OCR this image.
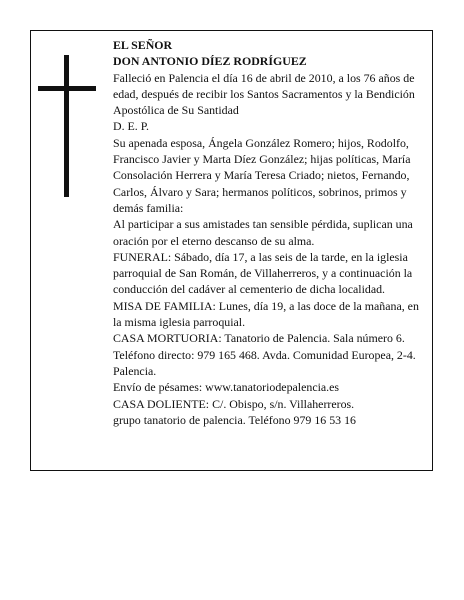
EL SEÑOR

DON ANTONIO DÍEZ RODRÍGUEZ

Falleció en Palencia el día 16 de abril de 2010, a los 76 años de edad, después de recibir los Santos Sacramentos y la Bendición Apostólica de Su Santidad

D. E. P.

Su apenada esposa, Ángela González Romero; hijos, Rodolfo, Francisco Javier y Marta Díez González; hijas políticas, María Consolación Herrera y María Teresa Criado; nietos, Fernando, Carlos, Álvaro y Sara; hermanos políticos, sobrinos, primos y demás familia:

Al participar a sus amistades tan sensible pérdida, suplican una oración por el eterno descanso de su alma.

FUNERAL: Sábado, día 17, a las seis de la tarde, en la iglesia parroquial de San Román, de Villaherreros, y a continuación la conducción del cadáver al cementerio de dicha localidad.

MISA DE FAMILIA: Lunes, día 19, a las doce de la mañana, en la misma iglesia parroquial.

CASA MORTUORIA: Tanatorio de Palencia. Sala número 6. Teléfono directo: 979 165 468. Avda. Comunidad Europea, 2-4. Palencia.

Envío de pésames: www.tanatoriodepalencia.es

CASA DOLIENTE: C/. Obispo, s/n. Villaherreros.

grupo tanatorio de palencia. Teléfono 979 16 53 16
